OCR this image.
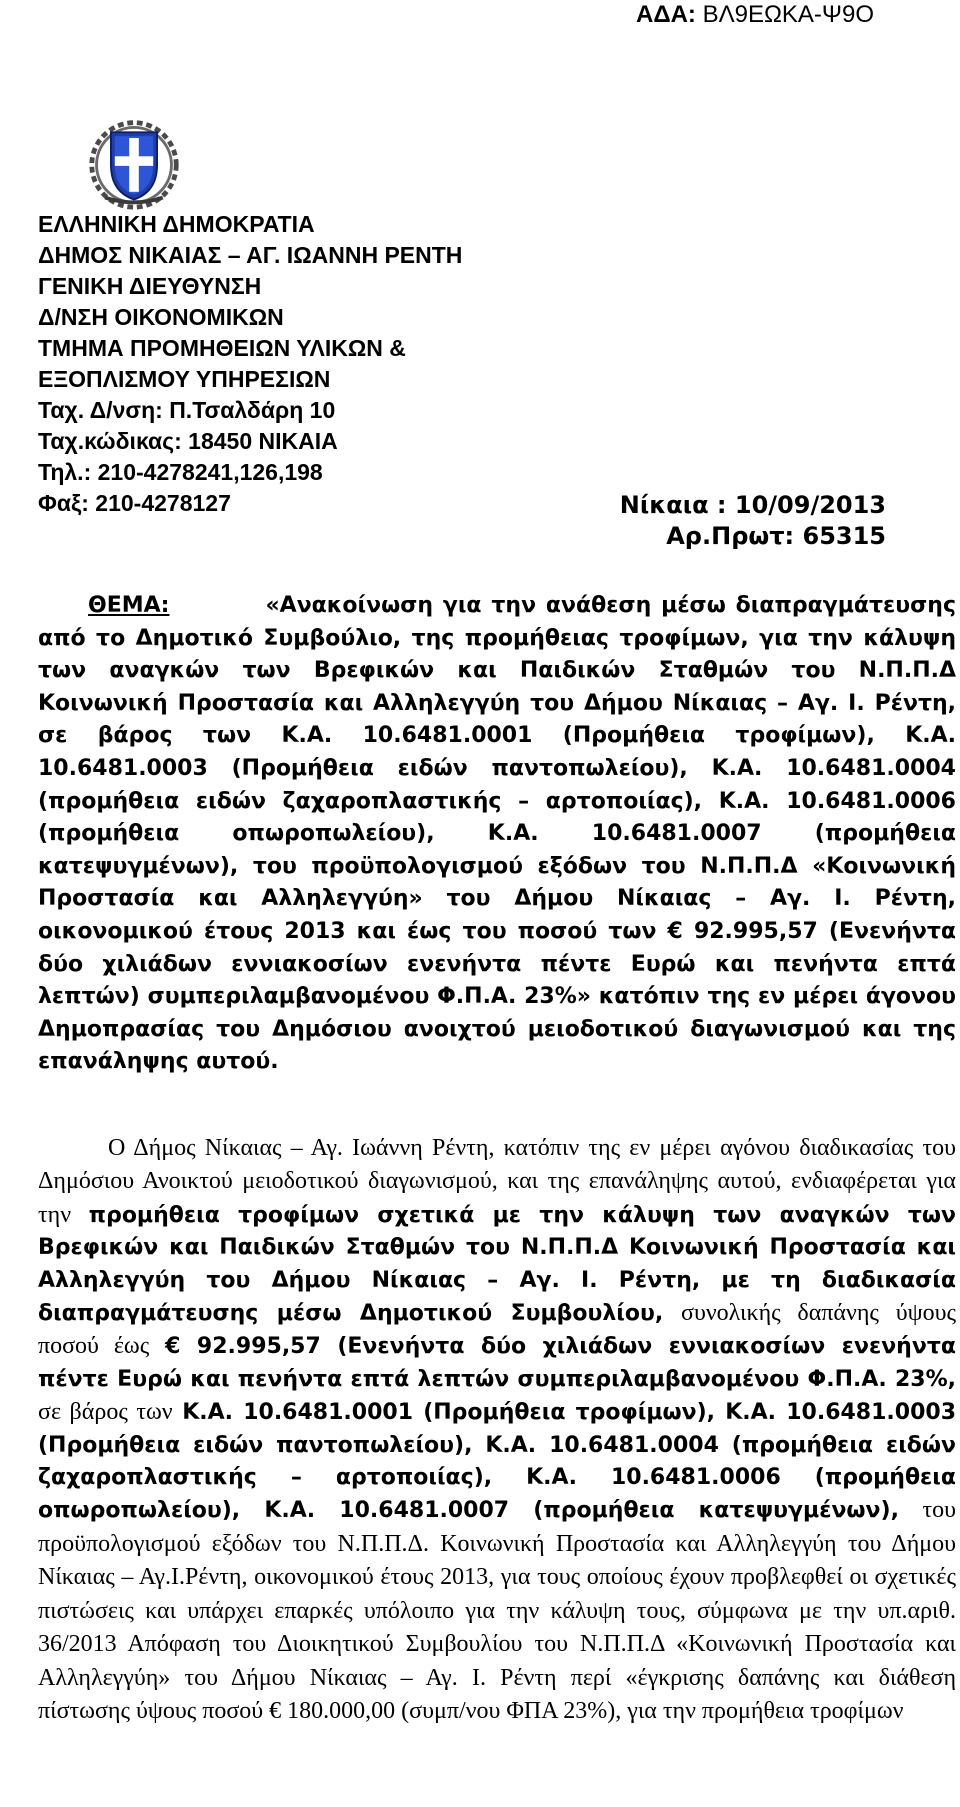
ΑΔΑ: ΒΛ9ΕΩΚΑ-Ψ9Ο
ΕΛΛΗΝΙΚΗ ΔΗΜΟΚΡΑΤΙΑ
ΔΗΜΟΣ ΝΙΚΑΙΑΣ – ΑΓ. ΙΩΑΝΝΗ ΡΕΝΤΗ
ΓΕΝΙΚΗ ΔΙΕΥΘΥΝΣΗ
Δ/ΝΣΗ ΟΙΚΟΝΟΜΙΚΩΝ
ΤΜΗΜΑ ΠΡΟΜΗΘΕΙΩΝ ΥΛΙΚΩΝ &
ΕΞΟΠΛΙΣΜΟΥ ΥΠΗΡΕΣΙΩΝ
Ταχ. Δ/νση: Π.Τσαλδάρη 10
Ταχ.κώδικας: 18450 ΝΙΚΑΙΑ
Τηλ.: 210-4278241,126,198
Φαξ: 210-4278127	Νίκαια : 10/09/2013
Αρ.Πρωτ: 65315
ΘΕΜΑ:	«Ανακοίνωση για την ανάθεση μέσω διαπραγμάτευσης από το Δημοτικό Συμβούλιο, της προμήθειας τροφίμων, για την κάλυψη των αναγκών των Βρεφικών και Παιδικών Σταθμών του Ν.Π.Π.Δ Κοινωνική Προστασία και Αλληλεγγύη του Δήμου Νίκαιας – Αγ. Ι. Ρέντη, σε βάρος των Κ.Α. 10.6481.0001 (Προμήθεια τροφίμων), Κ.Α. 10.6481.0003 (Προμήθεια ειδών παντοπωλείου), Κ.Α. 10.6481.0004 (προμήθεια ειδών ζαχαροπλαστικής – αρτοποιίας), Κ.Α. 10.6481.0006 (προμήθεια οπωροπωλείου), Κ.Α. 10.6481.0007 (προμήθεια κατεψυγμένων), του προϋπολογισμού εξόδων του Ν.Π.Π.Δ «Κοινωνική Προστασία και Αλληλεγγύη» του Δήμου Νίκαιας – Αγ. Ι. Ρέντη, οικονομικού έτους 2013 και έως του ποσού των € 92.995,57 (Ενενήντα δύο χιλιάδων εννιακοσίων ενενήντα πέντε Ευρώ και πενήντα επτά λεπτών) συμπεριλαμβανομένου Φ.Π.Α. 23%» κατόπιν της εν μέρει άγονου Δημοπρασίας του Δημόσιου ανοιχτού μειοδοτικού διαγωνισμού και της επανάληψης αυτού.
Ο Δήμος Νίκαιας – Αγ. Ιωάννη Ρέντη, κατόπιν της εν μέρει αγόνου διαδικασίας του Δημόσιου Ανοικτού μειοδοτικού διαγωνισμού, και της επανάληψης αυτού, ενδιαφέρεται για την προμήθεια τροφίμων σχετικά με την κάλυψη των αναγκών των Βρεφικών και Παιδικών Σταθμών του Ν.Π.Π.Δ Κοινωνική Προστασία και Αλληλεγγύη του Δήμου Νίκαιας – Αγ. Ι. Ρέντη, με τη διαδικασία διαπραγμάτευσης μέσω Δημοτικού Συμβουλίου, συνολικής δαπάνης ύψους ποσού έως € 92.995,57 (Ενενήντα δύο χιλιάδων εννιακοσίων ενενήντα πέντε Ευρώ και πενήντα επτά λεπτών συμπεριλαμβανομένου Φ.Π.Α. 23%, σε βάρος των Κ.Α. 10.6481.0001 (Προμήθεια τροφίμων), Κ.Α. 10.6481.0003 (Προμήθεια ειδών παντοπωλείου), Κ.Α. 10.6481.0004 (προμήθεια ειδών ζαχαροπλαστικής – αρτοποιίας), Κ.Α. 10.6481.0006 (προμήθεια οπωροπωλείου), Κ.Α. 10.6481.0007 (προμήθεια κατεψυγμένων), του προϋπολογισμού εξόδων του Ν.Π.Π.Δ. Κοινωνική Προστασία και Αλληλεγγύη του Δήμου Νίκαιας – Αγ.Ι.Ρέντη, οικονομικού έτους 2013, για τους οποίους έχουν προβλεφθεί οι σχετικές πιστώσεις και υπάρχει επαρκές υπόλοιπο για την κάλυψη τους, σύμφωνα με την υπ.αριθ. 36/2013 Απόφαση του Διοικητικού Συμβουλίου του Ν.Π.Π.Δ «Κοινωνική Προστασία και Αλληλεγγύη» του Δήμου Νίκαιας – Αγ. Ι. Ρέντη περί «έγκρισης δαπάνης και διάθεση πίστωσης ύψους ποσού € 180.000,00 (συμπ/νου ΦΠΑ 23%), για την προμήθεια τροφίμων
